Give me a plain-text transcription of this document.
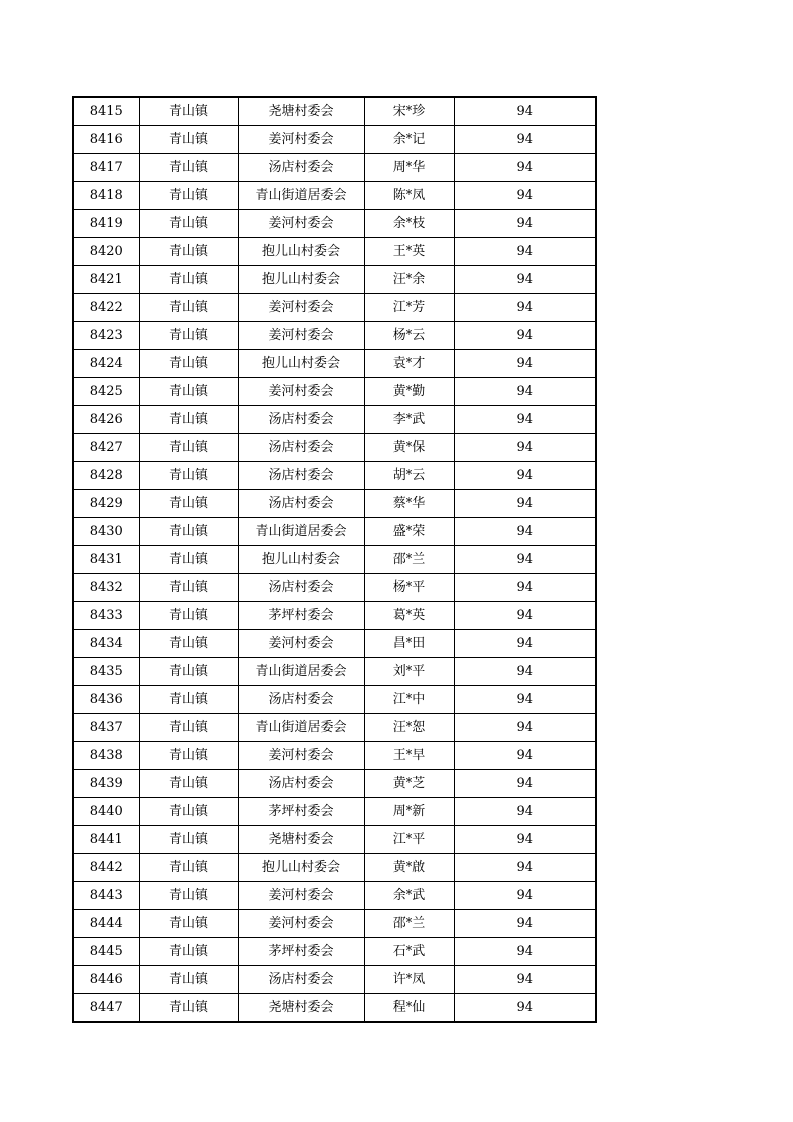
8415	青山镇	尧塘村委会	宋*珍	94
8416	青山镇	姜河村委会	余*记	94
8417	青山镇	汤店村委会	周*华	94
8418	青山镇	青山街道居委会	陈*凤	94
8419	青山镇	姜河村委会	余*枝	94
8420	青山镇	抱儿山村委会	王*英	94
8421	青山镇	抱儿山村委会	汪*余	94
8422	青山镇	姜河村委会	江*芳	94
8423	青山镇	姜河村委会	杨*云	94
8424	青山镇	抱儿山村委会	袁*才	94
8425	青山镇	姜河村委会	黄*勤	94
8426	青山镇	汤店村委会	李*武	94
8427	青山镇	汤店村委会	黄*保	94
8428	青山镇	汤店村委会	胡*云	94
8429	青山镇	汤店村委会	蔡*华	94
8430	青山镇	青山街道居委会	盛*荣	94
8431	青山镇	抱儿山村委会	邵*兰	94
8432	青山镇	汤店村委会	杨*平	94
8433	青山镇	茅坪村委会	葛*英	94
8434	青山镇	姜河村委会	昌*田	94
8435	青山镇	青山街道居委会	刘*平	94
8436	青山镇	汤店村委会	江*中	94
8437	青山镇	青山街道居委会	汪*恕	94
8438	青山镇	姜河村委会	王*早	94
8439	青山镇	汤店村委会	黄*芝	94
8440	青山镇	茅坪村委会	周*新	94
8441	青山镇	尧塘村委会	江*平	94
8442	青山镇	抱儿山村委会	黄*啟	94
8443	青山镇	姜河村委会	余*武	94
8444	青山镇	姜河村委会	邵*兰	94
8445	青山镇	茅坪村委会	石*武	94
8446	青山镇	汤店村委会	许*凤	94
8447	青山镇	尧塘村委会	程*仙	94
